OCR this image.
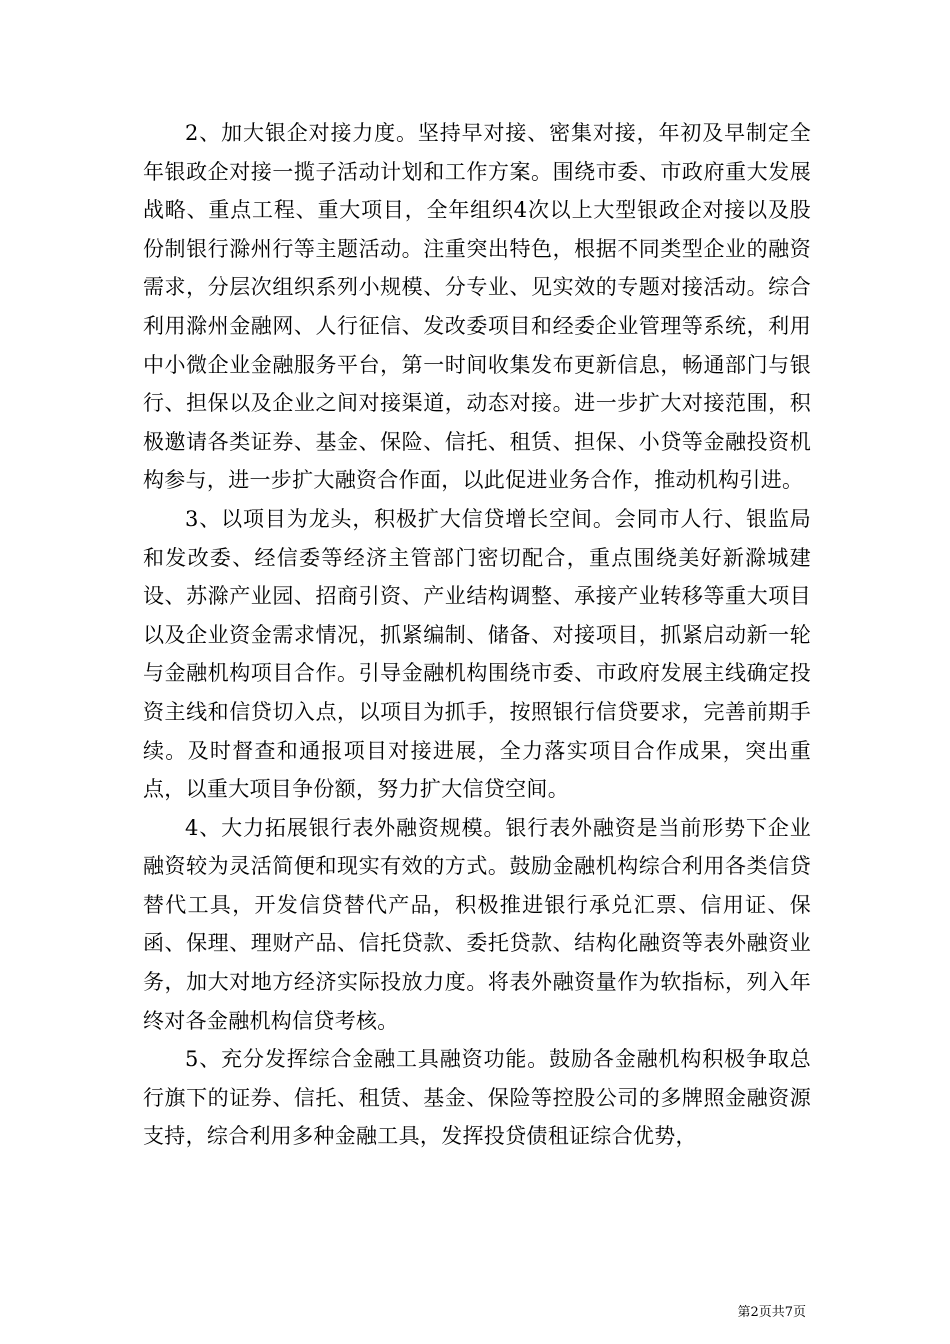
2、加大银企对接力度。坚持早对接、密集对接，年初及早制定全年银政企对接一揽子活动计划和工作方案。围绕市委、市政府重大发展战略、重点工程、重大项目，全年组织4次以上大型银政企对接以及股份制银行滁州行等主题活动。注重突出特色，根据不同类型企业的融资需求，分层次组织系列小规模、分专业、见实效的专题对接活动。综合利用滁州金融网、人行征信、发改委项目和经委企业管理等系统，利用中小微企业金融服务平台，第一时间收集发布更新信息，畅通部门与银行、担保以及企业之间对接渠道，动态对接。进一步扩大对接范围，积极邀请各类证券、基金、保险、信托、租赁、担保、小贷等金融投资机构参与，进一步扩大融资合作面，以此促进业务合作，推动机构引进。

3、以项目为龙头，积极扩大信贷增长空间。会同市人行、银监局和发改委、经信委等经济主管部门密切配合，重点围绕美好新滁城建设、苏滁产业园、招商引资、产业结构调整、承接产业转移等重大项目以及企业资金需求情况，抓紧编制、储备、对接项目，抓紧启动新一轮与金融机构项目合作。引导金融机构围绕市委、市政府发展主线确定投资主线和信贷切入点，以项目为抓手，按照银行信贷要求，完善前期手续。及时督查和通报项目对接进展，全力落实项目合作成果，突出重点，以重大项目争份额，努力扩大信贷空间。

4、大力拓展银行表外融资规模。银行表外融资是当前形势下企业融资较为灵活简便和现实有效的方式。鼓励金融机构综合利用各类信贷替代工具，开发信贷替代产品，积极推进银行承兑汇票、信用证、保函、保理、理财产品、信托贷款、委托贷款、结构化融资等表外融资业务，加大对地方经济实际投放力度。将表外融资量作为软指标，列入年终对各金融机构信贷考核。

5、充分发挥综合金融工具融资功能。鼓励各金融机构积极争取总行旗下的证券、信托、租赁、基金、保险等控股公司的多牌照金融资源支持，综合利用多种金融工具，发挥投贷债租证综合优势，

第2页共7页
